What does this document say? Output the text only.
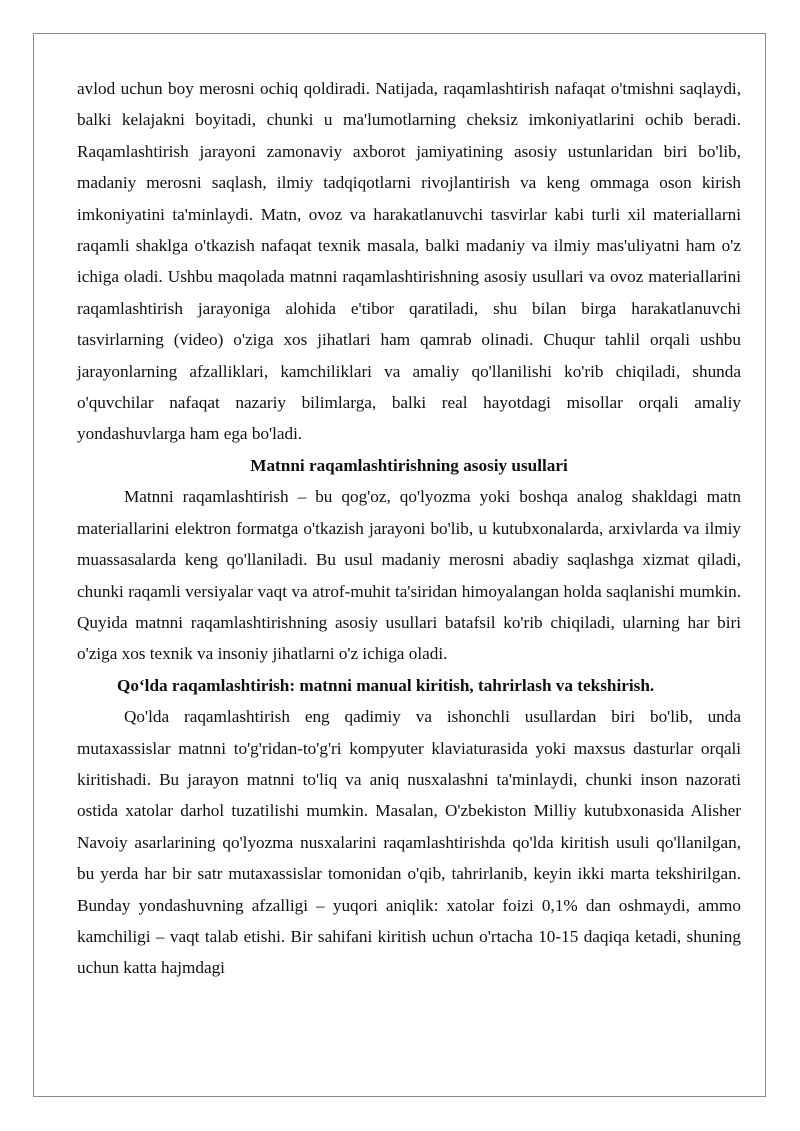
avlod uchun boy merosni ochiq qoldiradi. Natijada, raqamlashtirish nafaqat o'tmishni saqlaydi, balki kelajakni boyitadi, chunki u ma'lumotlarning cheksiz imkoniyatlarini ochib beradi. Raqamlashtirish jarayoni zamonaviy axborot jamiyatining asosiy ustunlaridan biri bo'lib, madaniy merosni saqlash, ilmiy tadqiqotlarni rivojlantirish va keng ommaga oson kirish imkoniyatini ta'minlaydi. Matn, ovoz va harakatlanuvchi tasvirlar kabi turli xil materiallarni raqamli shaklga o'tkazish nafaqat texnik masala, balki madaniy va ilmiy mas'uliyatni ham o'z ichiga oladi. Ushbu maqolada matnni raqamlashtirishning asosiy usullari va ovoz materiallarini raqamlashtirish jarayoniga alohida e'tibor qaratiladi, shu bilan birga harakatlanuvchi tasvirlarning (video) o'ziga xos jihatlari ham qamrab olinadi. Chuqur tahlil orqali ushbu jarayonlarning afzalliklari, kamchiliklari va amaliy qo'llanilishi ko'rib chiqiladi, shunda o'quvchilar nafaqat nazariy bilimlarga, balki real hayotdagi misollar orqali amaliy yondashuvlarga ham ega bo'ladi.

Matnni raqamlashtirishning asosiy usullari

Matnni raqamlashtirish – bu qog'oz, qo'lyozma yoki boshqa analog shakldagi matn materiallarini elektron formatga o'tkazish jarayoni bo'lib, u kutubxonalarda, arxivlarda va ilmiy muassasalarda keng qo'llaniladi. Bu usul madaniy merosni abadiy saqlashga xizmat qiladi, chunki raqamli versiyalar vaqt va atrof-muhit ta'siridan himoyalangan holda saqlanishi mumkin. Quyida matnni raqamlashtirishning asosiy usullari batafsil ko'rib chiqiladi, ularning har biri o'ziga xos texnik va insoniy jihatlarni o'z ichiga oladi.

Qo‘lda raqamlashtirish: matnni manual kiritish, tahrirlash va tekshirish.

Qo'lda raqamlashtirish eng qadimiy va ishonchli usullardan biri bo'lib, unda mutaxassislar matnni to'g'ridan-to'g'ri kompyuter klaviaturasida yoki maxsus dasturlar orqali kiritishadi. Bu jarayon matnni to'liq va aniq nusxalashni ta'minlaydi, chunki inson nazorati ostida xatolar darhol tuzatilishi mumkin. Masalan, O'zbekiston Milliy kutubxonasida Alisher Navoiy asarlarining qo'lyozma nusxalarini raqamlashtirishda qo'lda kiritish usuli qo'llanilgan, bu yerda har bir satr mutaxassislar tomonidan o'qib, tahrirlanib, keyin ikki marta tekshirilgan. Bunday yondashuvning afzalligi – yuqori aniqlik: xatolar foizi 0,1% dan oshmaydi, ammo kamchiligi – vaqt talab etishi. Bir sahifani kiritish uchun o'rtacha 10-15 daqiqa ketadi, shuning uchun katta hajmdagi
